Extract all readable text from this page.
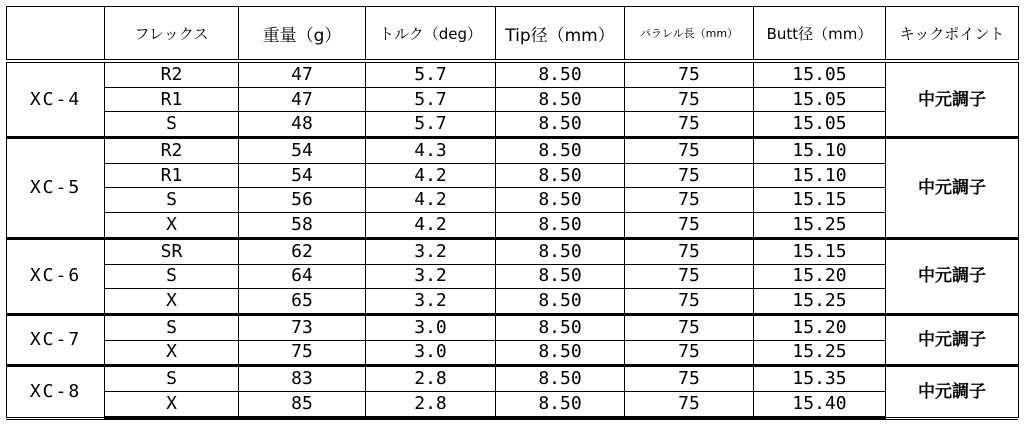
	フレックス	重量（g）	トルク（deg）	Tip径（mm）	パラレル長（mm）	Butt径（mm）	キックポイント
XC-4	R2	47	5.7	8.50	75	15.05	中元調子
	R1	47	5.7	8.50	75	15.05	
	S	48	5.7	8.50	75	15.05	
XC-5	R2	54	4.3	8.50	75	15.10	中元調子
	R1	54	4.2	8.50	75	15.10	
	S	56	4.2	8.50	75	15.15	
	X	58	4.2	8.50	75	15.25	
XC-6	SR	62	3.2	8.50	75	15.15	中元調子
	S	64	3.2	8.50	75	15.20	
	X	65	3.2	8.50	75	15.25	
XC-7	S	73	3.0	8.50	75	15.20	中元調子
	X	75	3.0	8.50	75	15.25	
XC-8	S	83	2.8	8.50	75	15.35	中元調子
	X	85	2.8	8.50	75	15.40	
